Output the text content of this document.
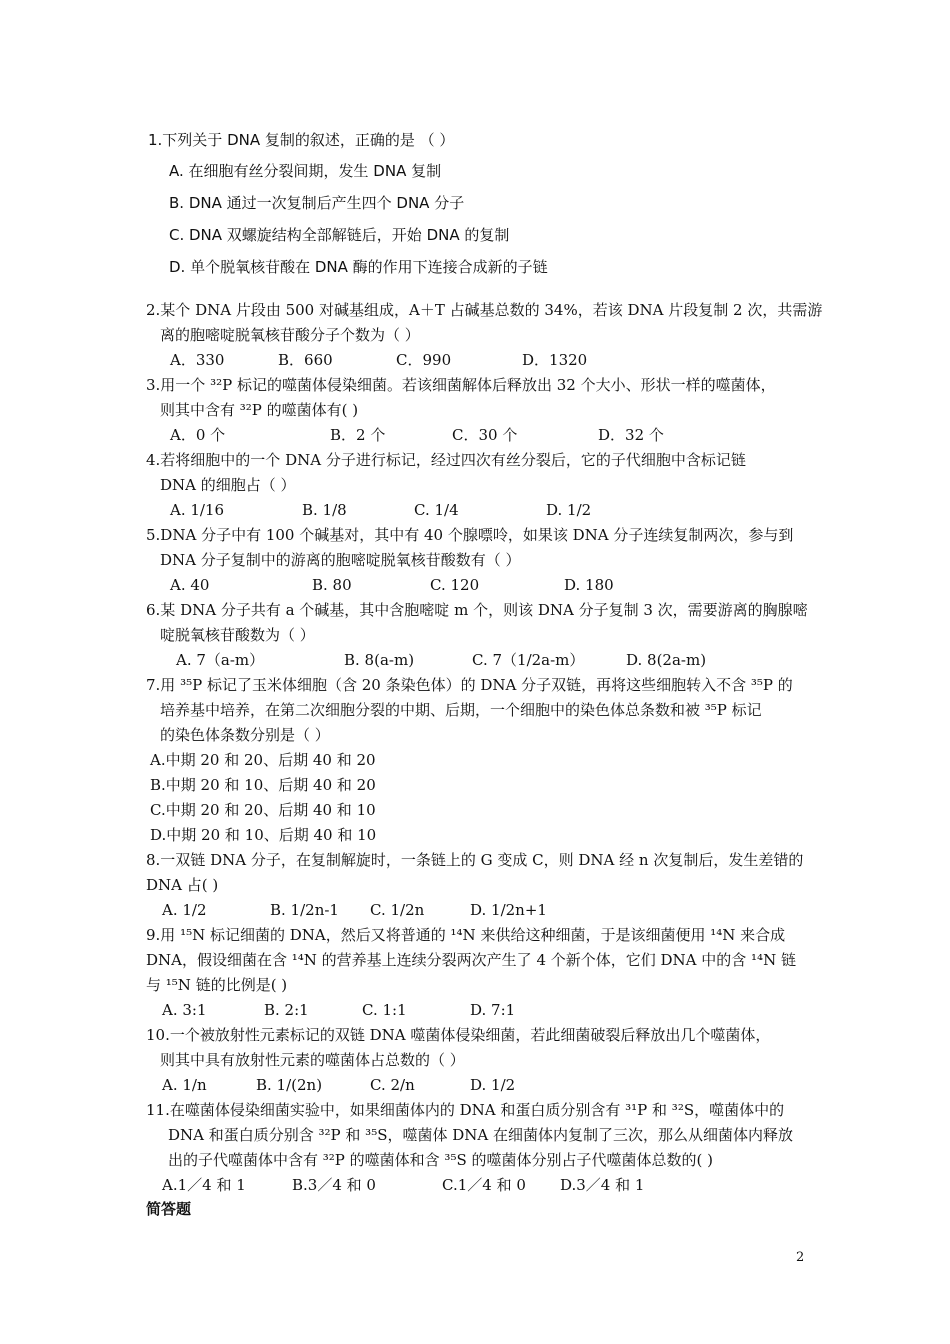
1.下列关于 DNA 复制的叙述，正确的是 （ ）
A. 在细胞有丝分裂间期，发生 DNA 复制
B. DNA 通过一次复制后产生四个 DNA 分子
C. DNA 双螺旋结构全部解链后，开始 DNA 的复制
D. 单个脱氧核苷酸在 DNA 酶的作用下连接合成新的子链
2.某个 DNA 片段由 500 对碱基组成，A＋T 占碱基总数的 34%，若该 DNA 片段复制 2 次，共需游
离的胞嘧啶脱氧核苷酸分子个数为（ ）
A．330	B．660	C．990	D．1320
3.用一个 ³²P 标记的噬菌体侵染细菌。若该细菌解体后释放出 32 个大小、形状一样的噬菌体，
则其中含有 ³²P 的噬菌体有( )
A．0 个	B．2 个	C．30 个	D．32 个
4.若将细胞中的一个 DNA 分子进行标记，经过四次有丝分裂后，它的子代细胞中含标记链
DNA 的细胞占（ ）
A. 1/16	B. 1/8	C. 1/4	D. 1/2
5.DNA 分子中有 100 个碱基对，其中有 40 个腺嘌呤，如果该 DNA 分子连续复制两次，参与到
DNA 分子复制中的游离的胞嘧啶脱氧核苷酸数有（ ）
A. 40	B. 80	C. 120	D. 180
6.某 DNA 分子共有 a 个碱基，其中含胞嘧啶 m 个，则该 DNA 分子复制 3 次，需要游离的胸腺嘧
啶脱氧核苷酸数为（ ）
A. 7（a-m）	B. 8(a-m)	C. 7（1/2a-m）	D. 8(2a-m)
7.用 ³⁵P 标记了玉米体细胞（含 20 条染色体）的 DNA 分子双链，再将这些细胞转入不含 ³⁵P 的
培养基中培养，在第二次细胞分裂的中期、后期，一个细胞中的染色体总条数和被 ³⁵P 标记
的染色体条数分别是（ ）
A.中期 20 和 20、后期 40 和 20
B.中期 20 和 10、后期 40 和 20
C.中期 20 和 20、后期 40 和 10
D.中期 20 和 10、后期 40 和 10
8.一双链 DNA 分子，在复制解旋时，一条链上的 G 变成 C，则 DNA 经 n 次复制后，发生差错的
DNA 占( )
A. 1/2	B. 1/2n-1 C. 1/2n	D. 1/2n+1
9.用 ¹⁵N 标记细菌的 DNA，然后又将普通的 ¹⁴N 来供给这种细菌，于是该细菌便用 ¹⁴N 来合成
DNA，假设细菌在含 ¹⁴N 的营养基上连续分裂两次产生了 4 个新个体，它们 DNA 中的含 ¹⁴N 链
与 ¹⁵N 链的比例是( )
A. 3:1	B. 2:1	C. 1:1	D. 7:1
10.一个被放射性元素标记的双链 DNA 噬菌体侵染细菌，若此细菌破裂后释放出几个噬菌体，
则其中具有放射性元素的噬菌体占总数的（ ）
A. 1/n	B. 1/(2n)	C. 2/n	D. 1/2
11.在噬菌体侵染细菌实验中，如果细菌体内的 DNA 和蛋白质分别含有 ³¹P 和 ³²S，噬菌体中的
DNA 和蛋白质分别含 ³²P 和 ³⁵S，噬菌体 DNA 在细菌体内复制了三次，那么从细菌体内释放
出的子代噬菌体中含有 ³²P 的噬菌体和含 ³⁵S 的噬菌体分别占子代噬菌体总数的( )
A.1／4 和 1	B.3／4 和 0	C.1／4 和 0 D.3／4 和 1
简答题
2
